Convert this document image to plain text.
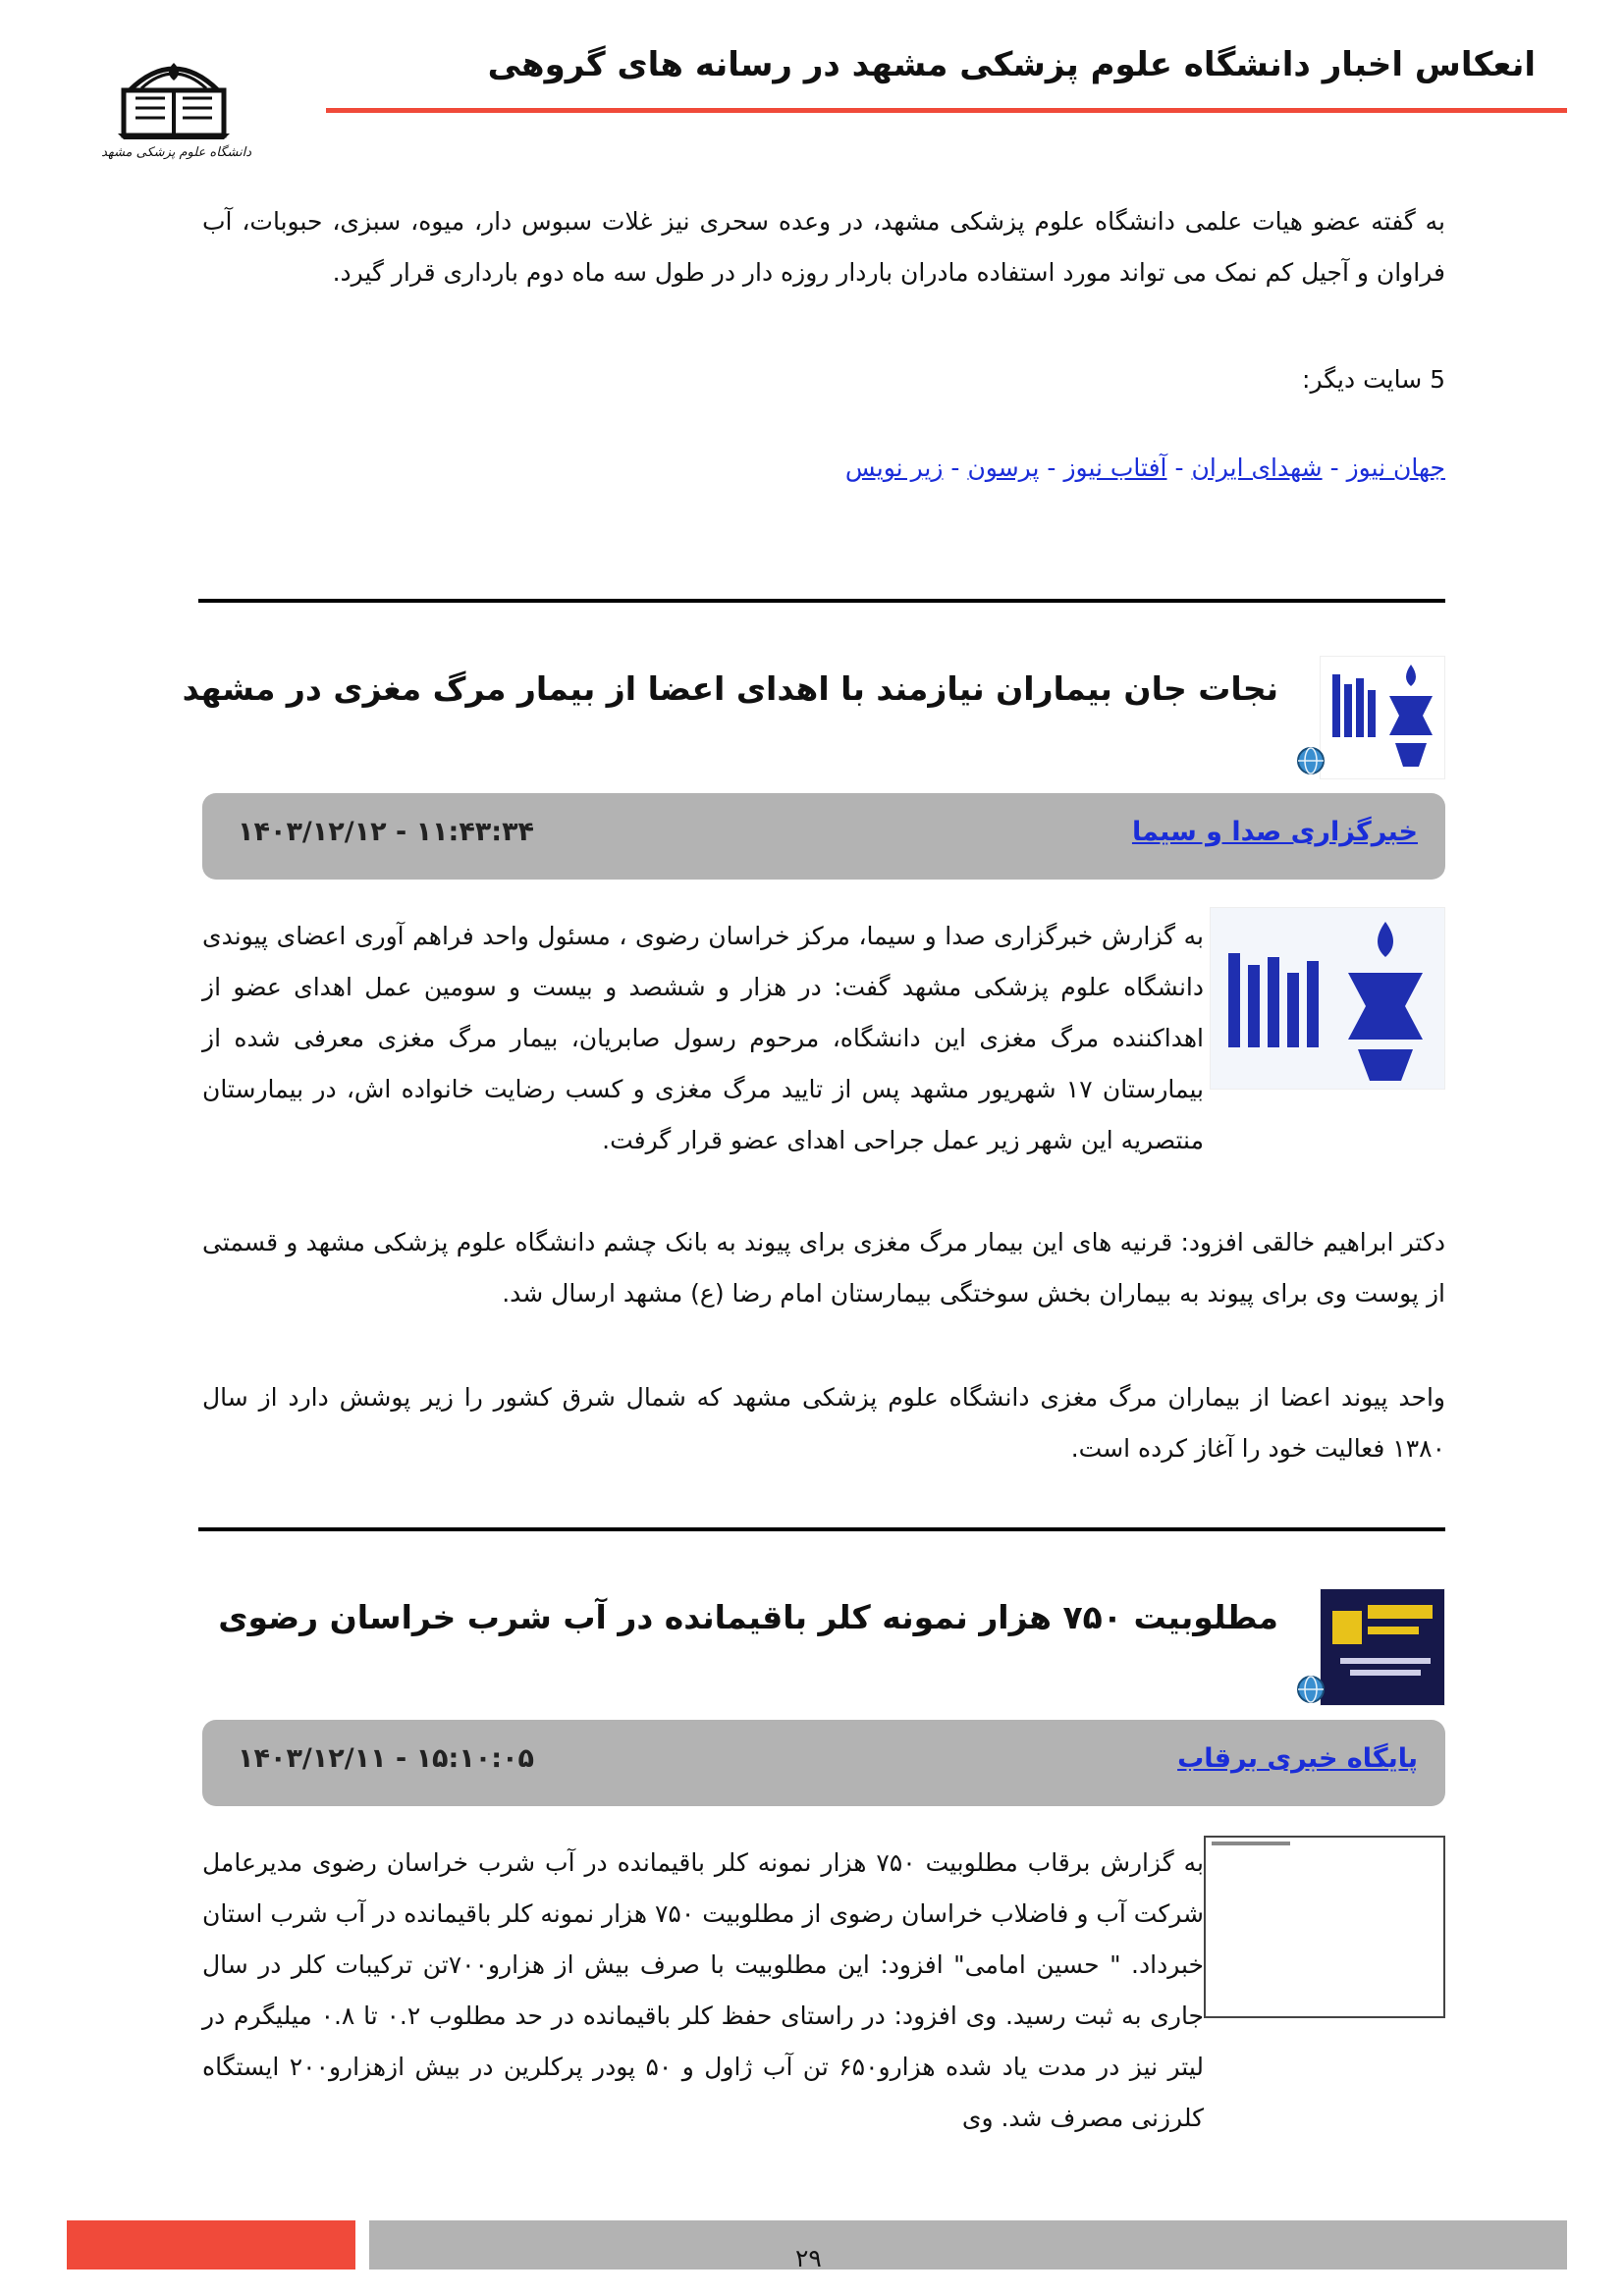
دانشگاه علوم پزشکی مشهد
انعکاس اخبار دانشگاه علوم پزشکی مشهد در رسانه های گروهی

به گفته عضو هیات علمی دانشگاه علوم پزشکی مشهد، در وعده سحری نیز غلات سبوس دار، میوه، سبزی، حبوبات، آب فراوان و آجیل کم نمک می تواند مورد استفاده مادران باردار روزه دار در طول سه ماه دوم بارداری قرار گیرد.

5 سایت دیگر:
جهان نیوز-شهدای ایران-آفتاب نیوز-پرسون-زیر نویس
نجات جان بیماران نیازمند با اهدای اعضا از بیمار مرگ مغزی در مشهد
خبرگزاری صدا و سیما
۱۴۰۳/۱۲/۱۲ - ۱۱:۴۳:۳۴

به گزارش خبرگزاری صدا و سیما، مرکز خراسان رضوی ، مسئول واحد فراهم آوری اعضای پیوندی دانشگاه علوم پزشکی مشهد گفت: در هزار و ششصد و بیست و سومین عمل اهدای عضو از اهداکننده مرگ مغزی این دانشگاه، مرحوم رسول صابریان، بیمار مرگ مغزی معرفی شده از بیمارستان ۱۷ شهریور مشهد پس از تایید مرگ مغزی و کسب رضایت خانواده اش، در بیمارستان منتصریه این شهر زیر عمل جراحی اهدای عضو قرار گرفت.

دکتر ابراهیم خالقی افزود: قرنیه های این بیمار مرگ مغزی برای پیوند به بانک چشم دانشگاه علوم پزشکی مشهد و قسمتی از پوست وی برای پیوند به بیماران بخش سوختگی بیمارستان امام رضا (ع) مشهد ارسال شد.

واحد پیوند اعضا از بیماران مرگ مغزی دانشگاه علوم پزشکی مشهد که شمال شرق کشور را زیر پوشش دارد از سال ۱۳۸۰ فعالیت خود را آغاز کرده است.

مطلوبیت ۷۵۰ هزار نمونه کلر باقیمانده در آب شرب خراسان رضوی
پایگاه خبری برقاب
۱۴۰۳/۱۲/۱۱ - ۱۵:۱۰:۰۵

به گزارش برقاب مطلوبیت ۷۵۰ هزار نمونه کلر باقیمانده در آب شرب خراسان رضوی مدیرعامل شرکت آب و فاضلاب خراسان رضوی از مطلوبیت ۷۵۰ هزار نمونه کلر باقیمانده در آب شرب استان خبرداد. " حسین امامی" افزود: این مطلوبیت با صرف بیش از هزارو۷۰۰تن ترکیبات کلر در سال جاری به ثبت رسید. وی افزود: در راستای حفظ کلر باقیمانده در حد مطلوب ۰.۲ تا ۰.۸ میلیگرم در لیتر نیز در مدت یاد شده هزارو۶۵۰ تن آب ژاول و ۵۰ پودر پرکلرین در بیش ازهزارو۲۰۰ ایستگاه کلرزنی مصرف شد. وی

۲۹
